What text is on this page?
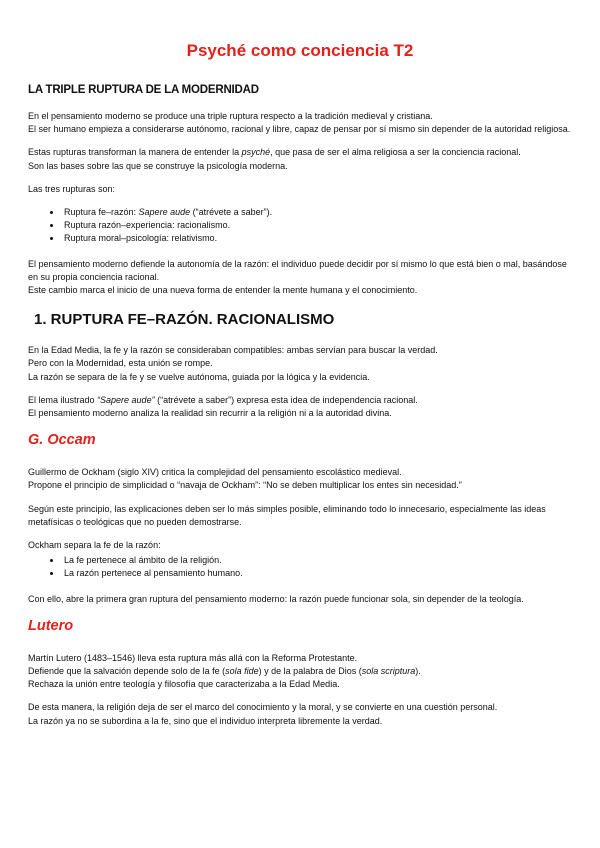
Psyché como conciencia T2
LA TRIPLE RUPTURA DE LA MODERNIDAD

En el pensamiento moderno se produce una triple ruptura respecto a la tradición medieval y cristiana.
El ser humano empieza a considerarse autónomo, racional y libre, capaz de pensar por sí mismo sin depender de la autoridad religiosa.

Estas rupturas transforman la manera de entender la psyché, que pasa de ser el alma religiosa a ser la conciencia racional.
Son las bases sobre las que se construye la psicología moderna.

Las tres rupturas son:

• Ruptura fe–razón: Sapere aude (“atrévete a saber”).
• Ruptura razón–experiencia: racionalismo.
• Ruptura moral–psicología: relativismo.

El pensamiento moderno defiende la autonomía de la razón: el individuo puede decidir por sí mismo lo que está bien o mal, basándose en su propia conciencia racional.
Este cambio marca el inicio de una nueva forma de entender la mente humana y el conocimiento.

1. RUPTURA FE–RAZÓN. RACIONALISMO

En la Edad Media, la fe y la razón se consideraban compatibles: ambas servían para buscar la verdad.
Pero con la Modernidad, esta unión se rompe.
La razón se separa de la fe y se vuelve autónoma, guiada por la lógica y la evidencia.

El lema ilustrado “Sapere aude” (“atrévete a saber”) expresa esta idea de independencia racional.
El pensamiento moderno analiza la realidad sin recurrir a la religión ni a la autoridad divina.

G. Occam

Guillermo de Ockham (siglo XIV) critica la complejidad del pensamiento escolástico medieval.
Propone el principio de simplicidad o “navaja de Ockham”: “No se deben multiplicar los entes sin necesidad.”

Según este principio, las explicaciones deben ser lo más simples posible, eliminando todo lo innecesario, especialmente las ideas metafísicas o teológicas que no pueden demostrarse.

Ockham separa la fe de la razón:

• La fe pertenece al ámbito de la religión.
• La razón pertenece al pensamiento humano.

Con ello, abre la primera gran ruptura del pensamiento moderno: la razón puede funcionar sola, sin depender de la teología.

Lutero

Martín Lutero (1483–1546) lleva esta ruptura más allá con la Reforma Protestante.
Defiende que la salvación depende solo de la fe (sola fide) y de la palabra de Dios (sola scriptura).
Rechaza la unión entre teología y filosofía que caracterizaba a la Edad Media.

De esta manera, la religión deja de ser el marco del conocimiento y la moral, y se convierte en una cuestión personal.
La razón ya no se subordina a la fe, sino que el individuo interpreta libremente la verdad.
